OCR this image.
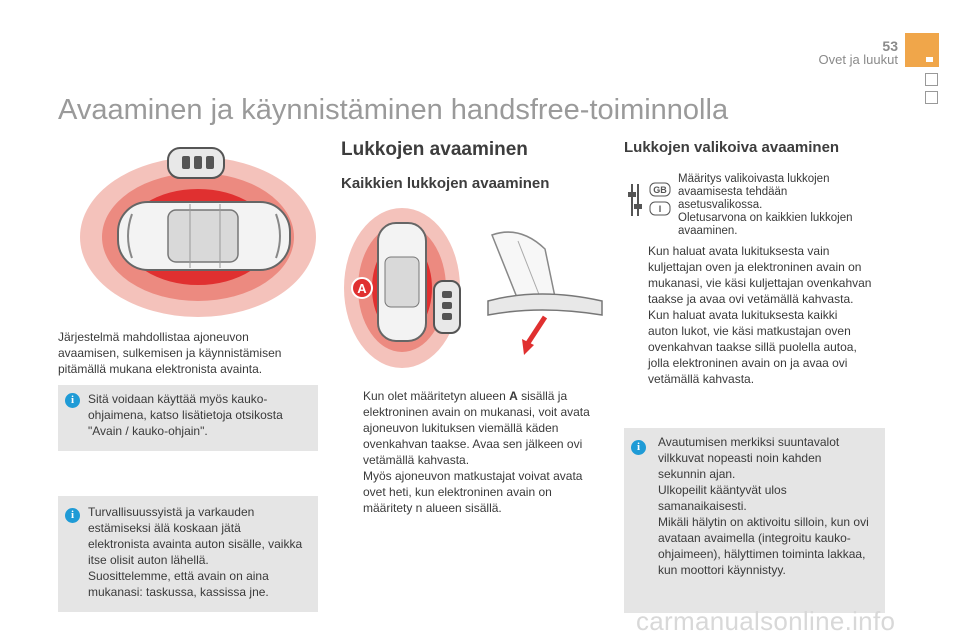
53
Ovet ja luukut
Avaaminen ja käynnistäminen handsfree-toiminnolla
Järjestelmä mahdollistaa ajoneuvon
avaamisen, sulkemisen ja käynnistämisen
pitämällä mukana elektronista avainta.
i	Sitä voidaan käyttää myös kauko-
ohjaimena, katso lisätietoja otsikosta
"Avain / kauko-ohjain".
i	Turvallisuussyistä ja varkauden
estämiseksi älä koskaan jätä
elektronista avainta auton sisälle, vaikka
itse olisit auton lähellä.
Suosittelemme, että avain on aina
mukanasi: taskussa, kassissa jne.
Lukkojen avaaminen
Kaikkien lukkojen avaaminen
A
Kun olet määritetyn alueen A sisällä ja
elektroninen avain on mukanasi, voit avata
ajoneuvon lukituksen viemällä käden
ovenkahvan taakse. Avaa sen jälkeen ovi
vetämällä kahvasta.
Myös ajoneuvon matkustajat voivat avata
ovet heti, kun elektroninen avain on
määritety n alueen sisällä.
Lukkojen valikoiva avaaminen
GB
I
Määritys valikoivasta lukkojen
avaamisesta tehdään
asetusvalikossa.
Oletusarvona on kaikkien lukkojen
avaaminen.
Kun haluat avata lukituksesta vain
kuljettajan oven ja elektroninen avain on
mukanasi, vie käsi kuljettajan ovenkahvan
taakse ja avaa ovi vetämällä kahvasta.
Kun haluat avata lukituksesta kaikki
auton lukot, vie käsi matkustajan oven
ovenkahvan taakse sillä puolella autoa,
jolla elektroninen avain on ja avaa ovi
vetämällä kahvasta.
i	Avautumisen merkiksi suuntavalot
vilkkuvat nopeasti noin kahden
sekunnin ajan.
Ulkopeilit kääntyvät ulos
samanaikaisesti.
Mikäli hälytin on aktivoitu silloin, kun ovi
avataan avaimella (integroitu kauko-
ohjaimeen), hälyttimen toiminta lakkaa,
kun moottori käynnistyy.
carmanualsonline.info
